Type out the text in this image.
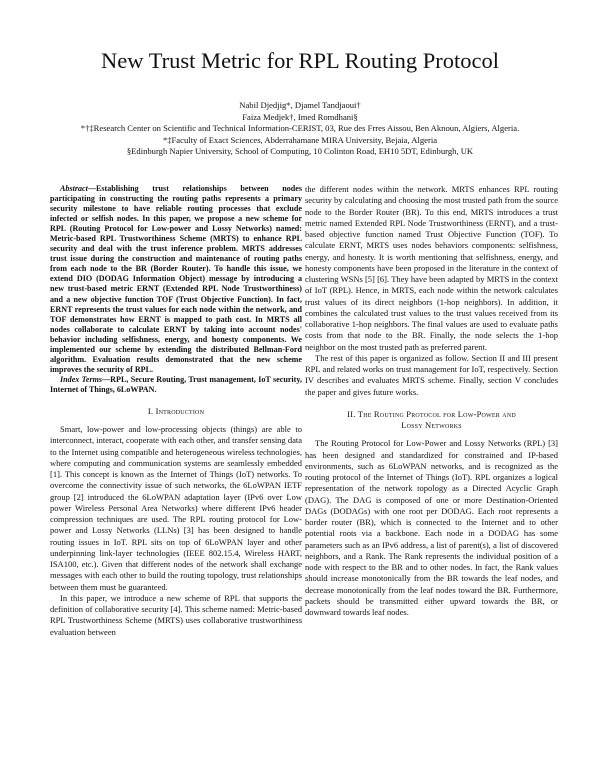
New Trust Metric for RPL Routing Protocol
Nabil Djedjig*, Djamel Tandjaoui†
Faiza Medjek†, Imed Romdhani§
*†‡Research Center on Scientific and Technical Information-CERIST, 03, Rue des Frres Aissou, Ben Aknoun, Algiers, Algeria.
*‡Faculty of Exact Sciences, Abderrahamane MIRA University, Bejaia, Algeria
§Edinburgh Napier University, School of Computing, 10 Colinton Road, EH10 5DT, Edinburgh, UK

Abstract—Establishing trust relationships between nodes participating in constructing the routing paths represents a primary security milestone to have reliable routing processes that exclude infected or selfish nodes. In this paper, we propose a new scheme for RPL (Routing Protocol for Low-power and Lossy Networks) named: Metric-based RPL Trustworthiness Scheme (MRTS) to enhance RPL security and deal with the trust inference problem. MRTS addresses trust issue during the construction and maintenance of routing paths from each node to the BR (Border Router). To handle this issue, we extend DIO (DODAG Information Object) message by introducing a new trust-based metric ERNT (Extended RPL Node Trustworthiness) and a new objective function TOF (Trust Objective Function). In fact, ERNT represents the trust values for each node within the network, and TOF demonstrates how ERNT is mapped to path cost. In MRTS all nodes collaborate to calculate ERNT by taking into account nodes' behavior including selfishness, energy, and honesty components. We implemented our scheme by extending the distributed Bellman-Ford algorithm. Evaluation results demonstrated that the new scheme improves the security of RPL.

Index Terms—RPL, Secure Routing, Trust management, IoT security, Internet of Things, 6LoWPAN.

I. Introduction

Smart, low-power and low-processing objects (things) are able to interconnect, interact, cooperate with each other, and transfer sensing data to the Internet using compatible and heterogeneous wireless technologies, where computing and communication systems are seamlessly embedded [1]. This concept is known as the Internet of Things (IoT) networks. To overcome the connectivity issue of such networks, the 6LoWPAN IETF group [2] introduced the 6LoWPAN adaptation layer (IPv6 over Low power Wireless Personal Area Networks) where different IPv6 header compression techniques are used. The RPL routing protocol for Low-power and Lossy Networks (LLNs) [3] has been designed to handle routing issues in IoT. RPL sits on top of 6LoWPAN layer and other underpinning link-layer technologies (IEEE 802.15.4, Wireless HART, ISA100, etc.). Given that different nodes of the network shall exchange messages with each other to build the routing topology, trust relationships between them must be guaranteed.

In this paper, we introduce a new scheme of RPL that supports the definition of collaborative security [4]. This scheme named: Metric-based RPL Trustworthiness Scheme (MRTS) uses collaborative trustworthiness evaluation between

the different nodes within the network. MRTS enhances RPL routing security by calculating and choosing the most trusted path from the source node to the Border Router (BR). To this end, MRTS introduces a trust metric named Extended RPL Node Trustworthiness (ERNT), and a trust-based objective function named Trust Objective Function (TOF). To calculate ERNT, MRTS uses nodes behaviors components: selfishness, energy, and honesty. It is worth mentioning that selfishness, energy, and honesty components have been proposed in the literature in the context of clustering WSNs [5] [6]. They have been adapted by MRTS in the context of IoT (RPL). Hence, in MRTS, each node within the network calculates trust values of its direct neighbors (1-hop neighbors). In addition, it combines the calculated trust values to the trust values received from its collaborative 1-hop neighbors. The final values are used to evaluate paths costs from that node to the BR. Finally, the node selects the 1-hop neighbor on the most trusted path as preferred parent.

The rest of this paper is organized as follow. Section II and III present RPL and related works on trust management for IoT, respectively. Section IV describes and evaluates MRTS scheme. Finally, section V concludes the paper and gives future works.

II. The Routing Protocol for Low-Power and
Lossy Networks

The Routing Protocol for Low-Power and Lossy Networks (RPL) [3] has been designed and standardized for constrained and IP-based environments, such as 6LoWPAN networks, and is recognized as the routing protocol of the Internet of Things (IoT). RPL organizes a logical representation of the network topology as a Directed Acyclic Graph (DAG). The DAG is composed of one or more Destination-Oriented DAGs (DODAGs) with one root per DODAG. Each root represents a border router (BR), which is connected to the Internet and to other potential roots via a backbone. Each node in a DODAG has some parameters such as an IPv6 address, a list of parent(s), a list of discovered neighbors, and a Rank. The Rank represents the individual position of a node with respect to the BR and to other nodes. In fact, the Rank values should increase monotonically from the BR towards the leaf nodes, and decrease monotonically from the leaf nodes toward the BR. Furthermore, packets should be transmitted either upward towards the BR, or downward towards leaf nodes.
